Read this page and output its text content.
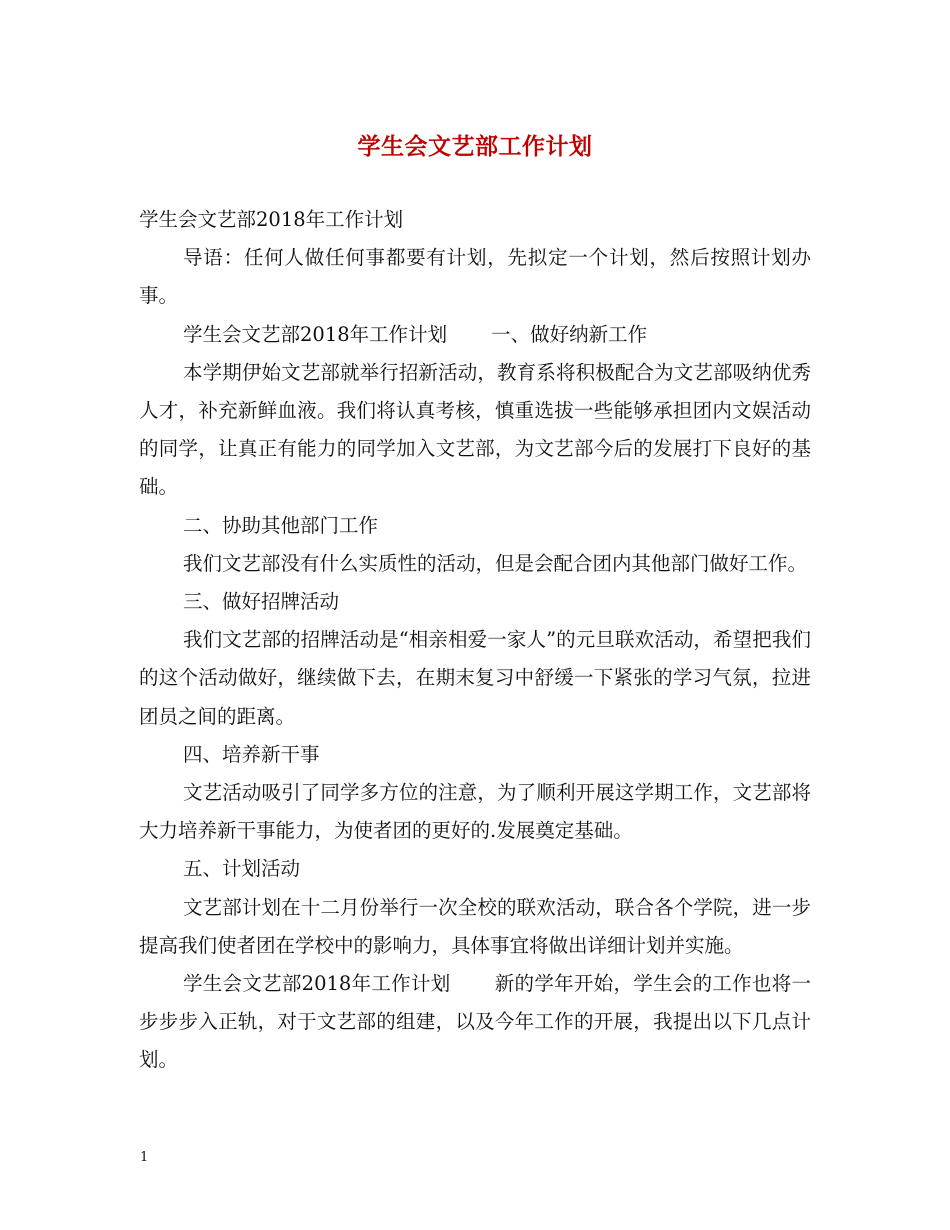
学生会文艺部工作计划

学生会文艺部2018年工作计划

导语：任何人做任何事都要有计划，先拟定一个计划，然后按照计划办事。

学生会文艺部2018年工作计划 一、做好纳新工作

本学期伊始文艺部就举行招新活动，教育系将积极配合为文艺部吸纳优秀人才，补充新鲜血液。我们将认真考核，慎重选拔一些能够承担团内文娱活动的同学，让真正有能力的同学加入文艺部，为文艺部今后的发展打下良好的基础。

二、协助其他部门工作

我们文艺部没有什么实质性的活动，但是会配合团内其他部门做好工作。

三、做好招牌活动

我们文艺部的招牌活动是“相亲相爱一家人”的元旦联欢活动，希望把我们的这个活动做好，继续做下去，在期末复习中舒缓一下紧张的学习气氛，拉进团员之间的距离。

四、培养新干事

文艺活动吸引了同学多方位的注意，为了顺利开展这学期工作，文艺部将大力培养新干事能力，为使者团的更好的.发展奠定基础。

五、计划活动

文艺部计划在十二月份举行一次全校的联欢活动，联合各个学院，进一步提高我们使者团在学校中的影响力，具体事宜将做出详细计划并实施。

学生会文艺部2018年工作计划 新的学年开始，学生会的工作也将一步步步入正轨，对于文艺部的组建，以及今年工作的开展，我提出以下几点计划。

1
